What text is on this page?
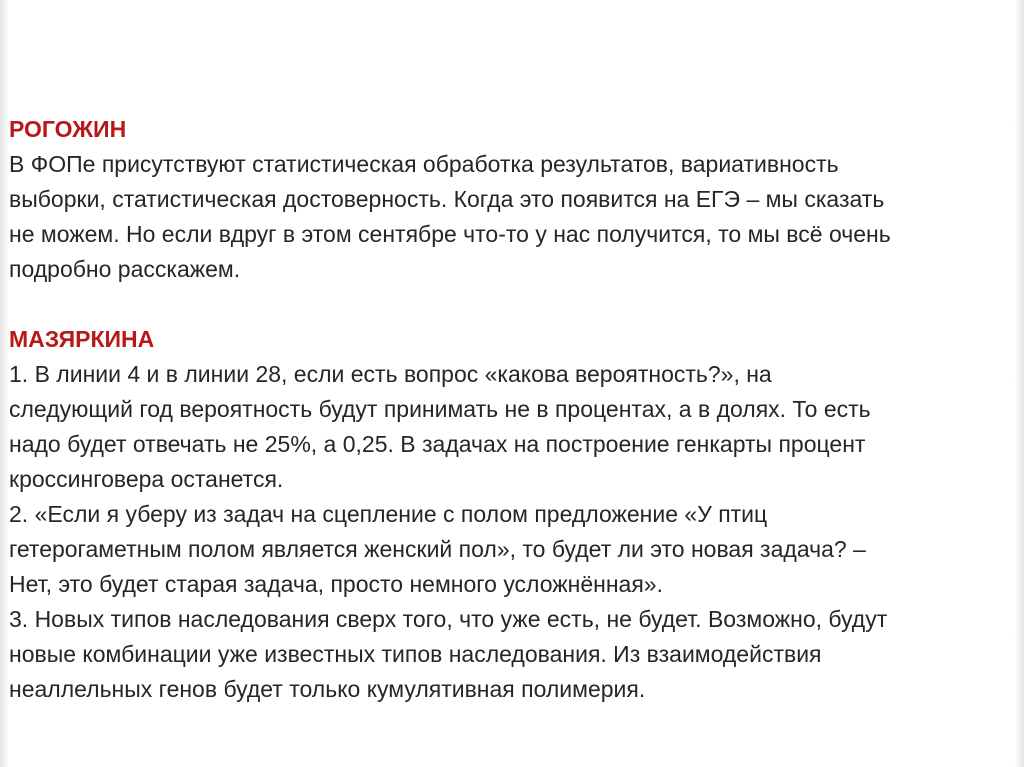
РОГОЖИН
В ФОПе присутствуют статистическая обработка результатов, вариативность
выборки, статистическая достоверность. Когда это появится на ЕГЭ – мы сказать
не можем. Но если вдруг в этом сентябре что-то у нас получится, то мы всё очень
подробно расскажем.
МАЗЯРКИНА
1. В линии 4 и в линии 28, если есть вопрос «какова вероятность?», на
следующий год вероятность будут принимать не в процентах, а в долях. То есть
надо будет отвечать не 25%, а 0,25. В задачах на построение генкарты процент
кроссинговера останется.
2. «Если я уберу из задач на сцепление с полом предложение «У птиц
гетерогаметным полом является женский пол», то будет ли это новая задача? –
Нет, это будет старая задача, просто немного усложнённая».
3. Новых типов наследования сверх того, что уже есть, не будет. Возможно, будут
новые комбинации уже известных типов наследования. Из взаимодействия
неаллельных генов будет только кумулятивная полимерия.
